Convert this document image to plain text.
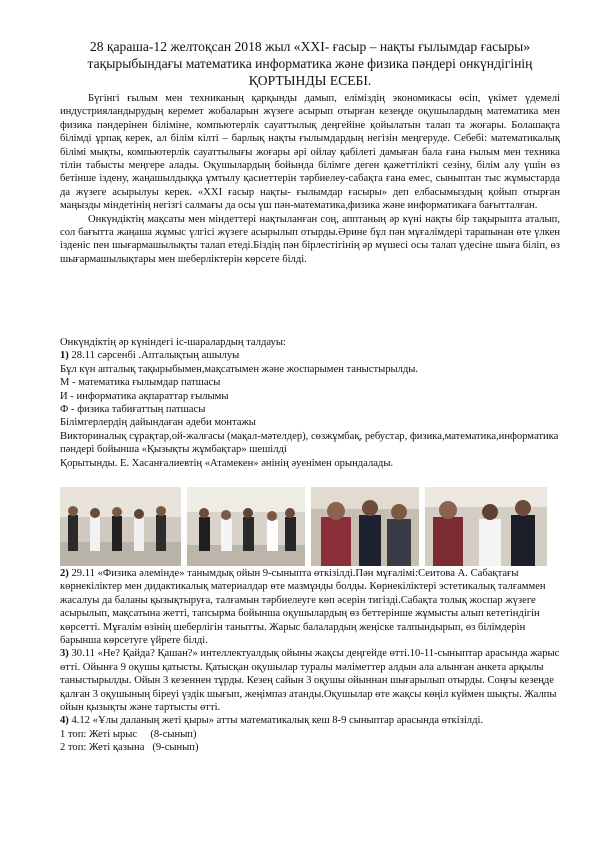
28 қараша-12 желтоқсан 2018 жыл «ХХІ- ғасыр – нақты ғылымдар ғасыры»
тақырыбындағы математика информатика және физика пәндері онкүндігінің
ҚОРТЫНДЫ ЕСЕБІ.

Бүгінгі ғылым мен техниканың қарқынды дамып, еліміздің экономикасы өсіп, үкімет үдемелі индустрияландырудың керемет жобаларын жүзеге асырып отырған кезеңде оқушылардың математика мен физика пәндерінен біліміне, компьютерлік сауаттылық деңгейіне қойылатын талап та жоғары. Болашақта білімді ұрпақ керек, ал білім кілті – барлық нақты ғылымдардың негізін меңгеруде. Себебі: математикалық білімі мықты, компьютерлік сауаттылығы жоғары әрі ойлау қабілеті дамыған бала ғана ғылым мен техника тілін табысты меңгере алады. Оқушылардың бойында білімге деген қажеттілікті сезіну, білім алу үшін өз бетінше іздену, жаңашылдыққа ұмтылу қасиеттерін тәрбиелеу-сабақта ғана емес, сыныптан тыс жұмыстарда да жүзеге асырылуы керек. «ХХІ ғасыр нақты- ғылымдар ғасыры» деп елбасымыздың қойып отырған маңызды міндетінің негізгі салмағы да осы үш пән-математика,физика және информатикаға бағытталған.

Онкүндіктің мақсаты мен міндеттері нақтыланған соң, апптаның әр күні нақты бір тақырыпта аталып, сол бағытта жаңаша жұмыс үлгісі жүзеге асырылып отырды.Әрине бұл пән мұғалімдері тарапынан өте үлкен ізденіс пен шығармашылықты талап етеді.Біздің пән бірлестігінің әр мүшесі осы талап үдесіне шыға біліп, өз шығармашылықтары мен шеберліктерін көрсете білді.

Онкүндіктің әр күніндегі іс-шаралардың талдауы:

1) 28.11 сәрсенбі .Апталықтың ашылуы

Бұл күн апталық тақырыбымен,мақсатымен және жоспарымен таныстырылды.

М - математика ғылымдар патшасы

И - информатика ақпараттар ғылымы

Ф - физика табиғаттың патшасы

Білімгерлердің дайындаған әдеби монтажы

Викториналық сұрақтар,ой-жалғасы (мақал-мәтелдер), сөзжұмбақ, ребустар, физика,математика,информатика пәндері бойынша «Қызықты жұмбақтар» шешілді

Қорытынды. Е. Хасанғалиевтің «Атамекен» әнінің әуенімен орындалады.

2) 29.11 «Физика әлемінде» танымдық ойын 9-сыныпта өткізілді.Пән мұғалімі:Сеитова А. Сабақтағы көрнекіліктер мен дидактикалық материалдар өте мазмұнды болды. Көрнекіліктері эстетикалық талғаммен жасалуы да баланы қызықтыруға, талғамын тәрбиелеуге көп әсерін тигізді.Сабақта толық жоспар жүзеге асырылып, мақсатына жетті, тапсырма бойынша оқушылардың өз беттерінше жұмысты алып кететіндігін көрсетті. Мұғалім өзінің шеберлігін танытты. Жарыс балалардың жеңіске талпындырып, өз білімдерін барынша көрсетуге үйрете білді.

3) 30.11 «Не? Қайда? Қашан?» интеллектуалдық ойыны жақсы деңгейде өтті.10-11-сыныптар арасында жарыс өтті. Ойынға 9 оқушы қатысты. Қатысқан оқушылар туралы мәліметтер алдын ала алынған анкета арқылы таныстырылды. Ойын 3 кезеннен тұрды. Кезең сайын 3 оқушы ойыннан шығарылып отырды. Соңғы кезеңде қалған 3 оқушының біреуі үздік шығып, жеңімпаз атанды.Оқушылар өте жақсы көңіл күймен шықты. Жалпы ойын қызықты және тартысты өтті.

4) 4.12 «Ұлы даланың жеті қыры» атты математикалық кеш 8-9 сыныптар арасында өткізілді.

1 топ: Жеті ырыс     (8-сынып)

2 топ: Жеті қазына   (9-сынып)
